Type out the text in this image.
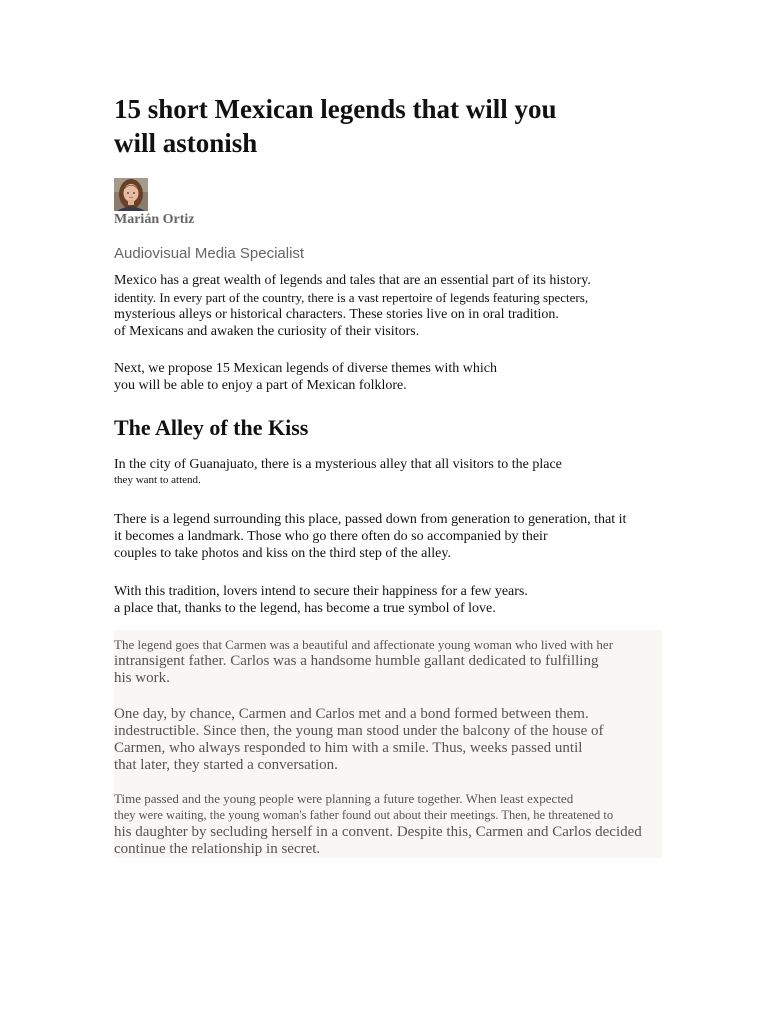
15 short Mexican legends that will you
will astonish
Marián Ortiz
Audiovisual Media Specialist
Mexico has a great wealth of legends and tales that are an essential part of its history.
identity. In every part of the country, there is a vast repertoire of legends featuring specters,
mysterious alleys or historical characters. These stories live on in oral tradition.
of Mexicans and awaken the curiosity of their visitors.
Next, we propose 15 Mexican legends of diverse themes with which
you will be able to enjoy a part of Mexican folklore.
The Alley of the Kiss
In the city of Guanajuato, there is a mysterious alley that all visitors to the place
they want to attend.
There is a legend surrounding this place, passed down from generation to generation, that it
it becomes a landmark. Those who go there often do so accompanied by their
couples to take photos and kiss on the third step of the alley.
With this tradition, lovers intend to secure their happiness for a few years.
a place that, thanks to the legend, has become a true symbol of love.
The legend goes that Carmen was a beautiful and affectionate young woman who lived with her
intransigent father. Carlos was a handsome humble gallant dedicated to fulfilling
his work.
One day, by chance, Carmen and Carlos met and a bond formed between them.
indestructible. Since then, the young man stood under the balcony of the house of
Carmen, who always responded to him with a smile. Thus, weeks passed until
that later, they started a conversation.
Time passed and the young people were planning a future together. When least expected
they were waiting, the young woman's father found out about their meetings. Then, he threatened to
his daughter by secluding herself in a convent. Despite this, Carmen and Carlos decided
continue the relationship in secret.
